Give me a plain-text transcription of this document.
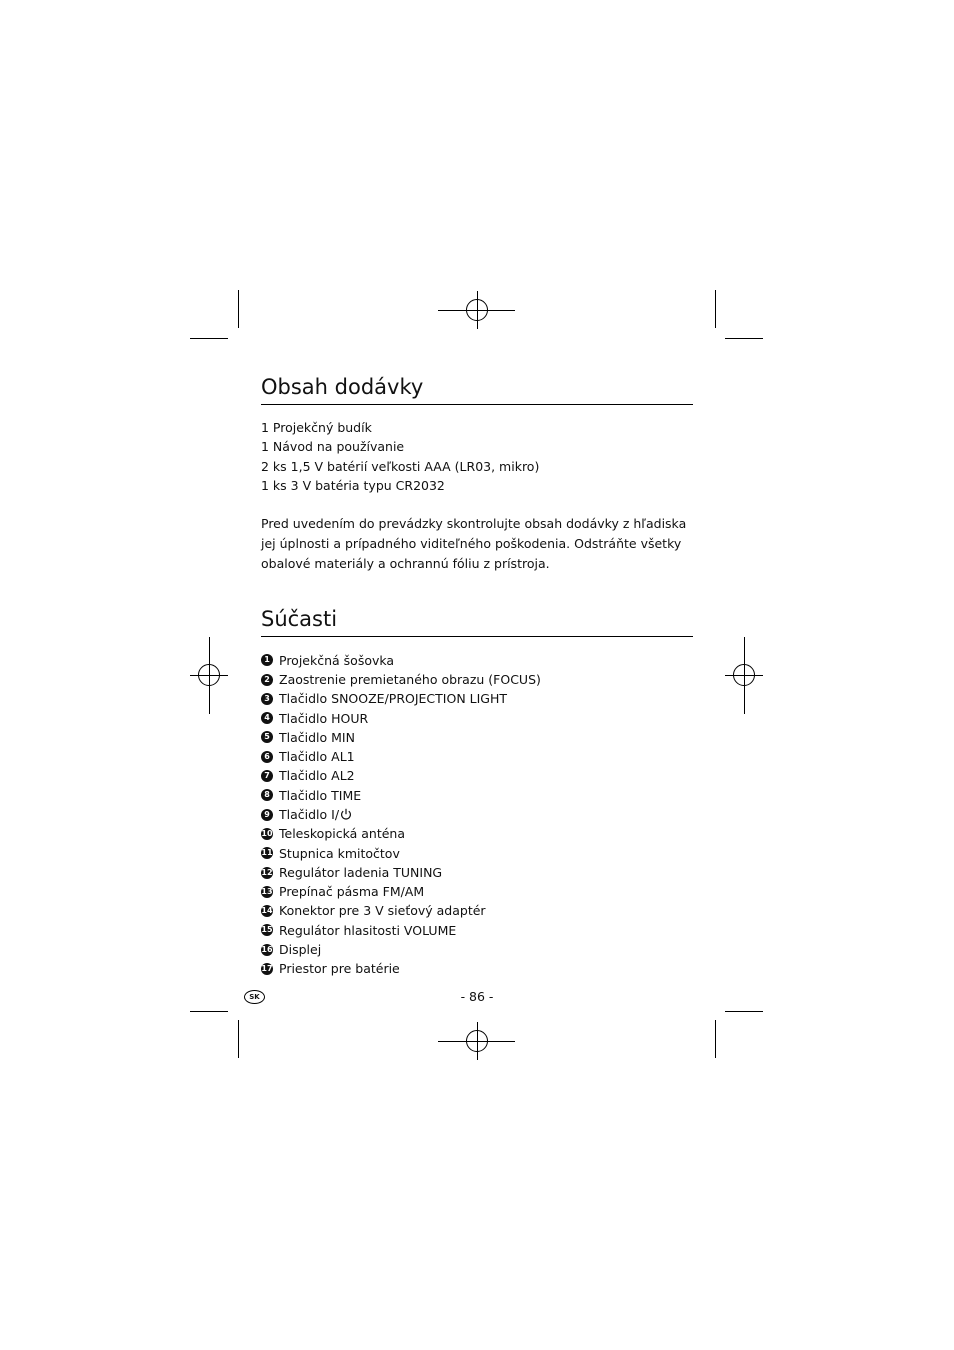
Obsah dodávky
1 Projekčný budík
1 Návod na používanie
2 ks 1,5 V batérií veľkosti AAA (LR03, mikro)
1 ks 3 V batéria typu CR2032

Pred uvedením do prevádzky skontrolujte obsah dodávky z hľadiska jej úplnosti a prípadného viditeľného poškodenia. Odstráňte všetky obalové materiály a ochrannú fóliu z prístroja.

Súčasti
1 Projekčná šošovka
2 Zaostrenie premietaného obrazu (FOCUS)
3 Tlačidlo SNOOZE/PROJECTION LIGHT
4 Tlačidlo HOUR
5 Tlačidlo MIN
6 Tlačidlo AL1
7 Tlačidlo AL2
8 Tlačidlo TIME
9 Tlačidlo I/
10 Teleskopická anténa
11 Stupnica kmitočtov
12 Regulátor ladenia TUNING
13 Prepínač pásma FM/AM
14 Konektor pre 3 V sieťový adaptér
15 Regulátor hlasitosti VOLUME
16 Displej
17 Priestor pre batérie
SK	- 86 -
